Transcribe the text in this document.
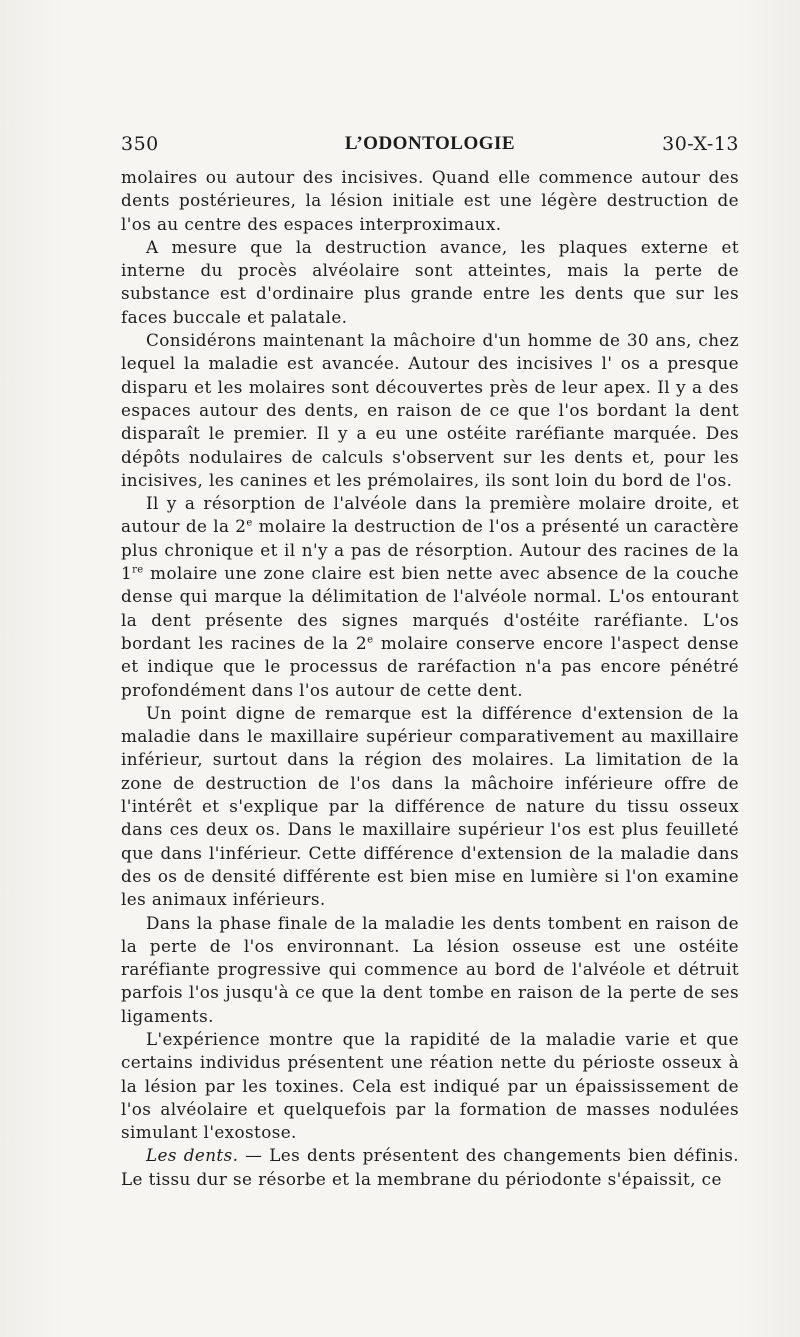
350	L’ODONTOLOGIE	30-X-13

molaires ou autour des incisives. Quand elle commence autour des dents postérieures, la lésion initiale est une légère destruction de l'os au centre des espaces interproximaux.

A mesure que la destruction avance, les plaques externe et interne du procès alvéolaire sont atteintes, mais la perte de substance est d'ordinaire plus grande entre les dents que sur les faces buccale et palatale.

Considérons maintenant la mâchoire d'un homme de 30 ans, chez lequel la maladie est avancée. Autour des incisives l' os a presque disparu et les molaires sont découvertes près de leur apex. Il y a des espaces autour des dents, en raison de ce que l'os bordant la dent disparaît le premier. Il y a eu une ostéite raréfiante marquée. Des dépôts nodulaires de calculs s'observent sur les dents et, pour les incisives, les canines et les prémolaires, ils sont loin du bord de l'os.

Il y a résorption de l'alvéole dans la première molaire droite, et autour de la 2e molaire la destruction de l'os a présenté un caractère plus chronique et il n'y a pas de résorption. Autour des racines de la 1re molaire une zone claire est bien nette avec absence de la couche dense qui marque la délimitation de l'alvéole normal. L'os entourant la dent présente des signes marqués d'ostéite raréfiante. L'os bordant les racines de la 2e molaire conserve encore l'aspect dense et indique que le processus de raréfaction n'a pas encore pénétré profondément dans l'os autour de cette dent.

Un point digne de remarque est la différence d'extension de la maladie dans le maxillaire supérieur comparativement au maxillaire inférieur, surtout dans la région des molaires. La limitation de la zone de destruction de l'os dans la mâchoire inférieure offre de l'intérêt et s'explique par la différence de nature du tissu osseux dans ces deux os. Dans le maxillaire supérieur l'os est plus feuilleté que dans l'inférieur. Cette différence d'extension de la maladie dans des os de densité différente est bien mise en lumière si l'on examine les animaux inférieurs.

Dans la phase finale de la maladie les dents tombent en raison de la perte de l'os environnant. La lésion osseuse est une ostéite raréfiante progressive qui commence au bord de l'alvéole et détruit parfois l'os jusqu'à ce que la dent tombe en raison de la perte de ses ligaments.

L'expérience montre que la rapidité de la maladie varie et que certains individus présentent une réation nette du périoste osseux à la lésion par les toxines. Cela est indiqué par un épaississement de l'os alvéolaire et quelquefois par la formation de masses nodulées simulant l'exostose.

Les dents. — Les dents présentent des changements bien définis. Le tissu dur se résorbe et la membrane du périodonte s'épaissit, ce
